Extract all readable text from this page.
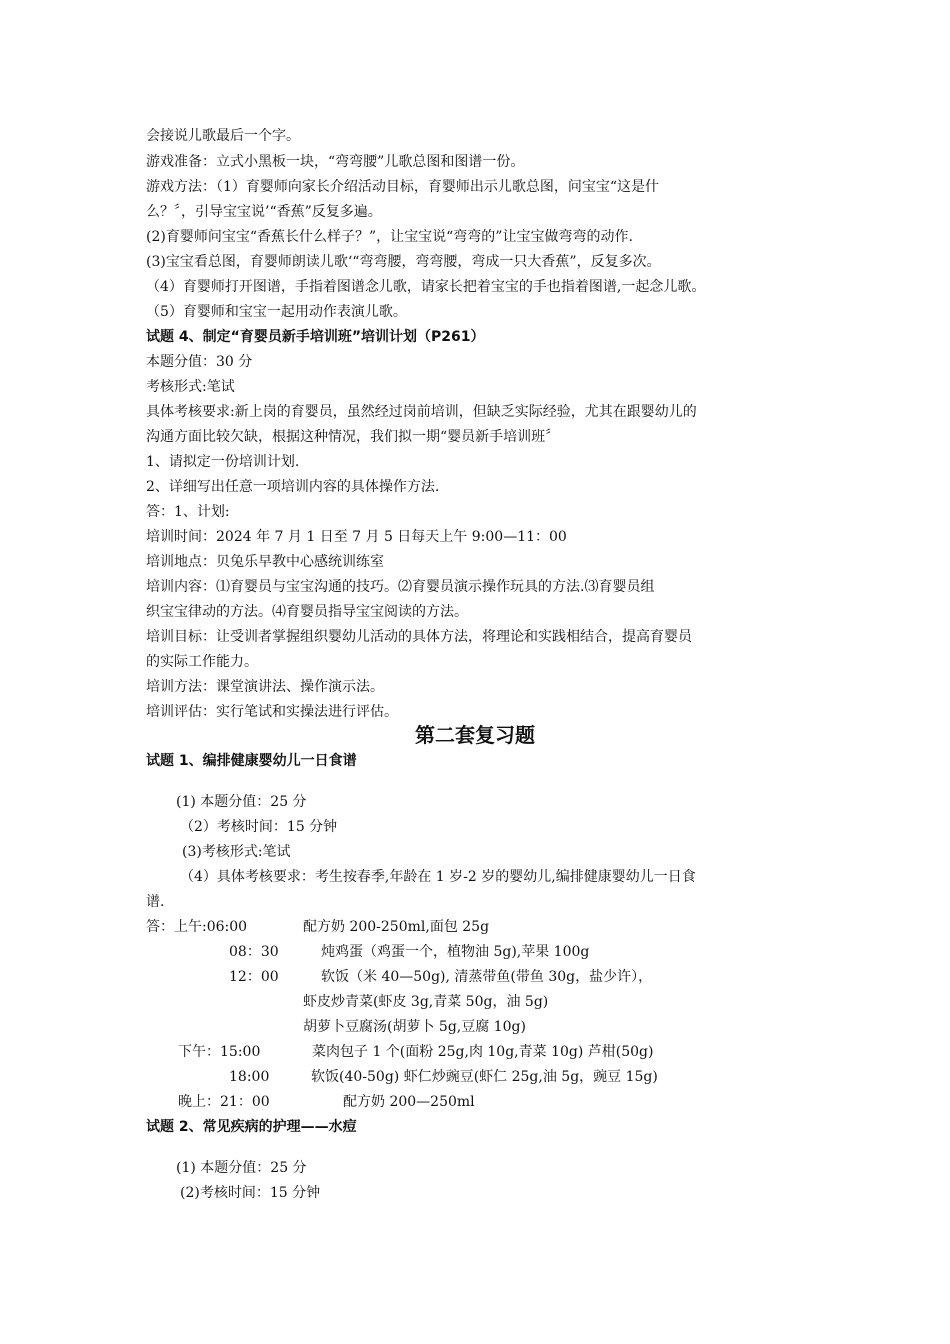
会接说儿歌最后一个字。
游戏准备：立式小黑板一块，“弯弯腰”儿歌总图和图谱一份。
游戏方法：（1）育婴师向家长介绍活动目标，育婴师出示儿歌总图，问宝宝“这是什
么？〞，引导宝宝说’“香蕉”反复多遍。
(2)育婴师问宝宝“香蕉长什么样子？”，让宝宝说“弯弯的”让宝宝做弯弯的动作.
(3)宝宝看总图，育婴师朗读儿歌‘“弯弯腰，弯弯腰，弯成一只大香蕉”，反复多次。
（4）育婴师打开图谱，手指着图谱念儿歌，请家长把着宝宝的手也指着图谱,一起念儿歌。
（5）育婴师和宝宝一起用动作表演儿歌。
试题 4、制定“育婴员新手培训班”培训计划（P261）
本题分值：30 分
考核形式:笔试
具体考核要求:新上岗的育婴员，虽然经过岗前培训，但缺乏实际经验，尤其在跟婴幼儿的
沟通方面比较欠缺，根据这种情况，我们拟一期“婴员新手培训班〞
1、请拟定一份培训计划.
2、详细写出任意一项培训内容的具体操作方法.
答：1、计划:
培训时间：2024 年 7 月 1 日至 7 月 5 日每天上午 9:00—11：00
培训地点：贝兔乐早教中心感统训练室
培训内容：⑴育婴员与宝宝沟通的技巧。⑵育婴员演示操作玩具的方法.⑶育婴员组
织宝宝律动的方法。⑷育婴员指导宝宝阅读的方法。
培训目标：让受训者掌握组织婴幼儿活动的具体方法，将理论和实践相结合，提高育婴员
的实际工作能力。
培训方法：课堂演讲法、操作演示法。
培训评估：实行笔试和实操法进行评估。
第二套复习题
试题 1、编排健康婴幼儿一日食谱
(1) 本题分值：25 分
（2）考核时间：15 分钟
(3)考核形式:笔试
（4）具体考核要求：考生按春季,年龄在 1 岁-2 岁的婴幼儿,编排健康婴幼儿一日食
谱.
答：上午:06:00	配方奶 200-250ml,面包 25g
08：30	炖鸡蛋（鸡蛋一个，植物油 5g),苹果 100g
12：00	软饭（米 40—50g), 清蒸带鱼(带鱼 30g，盐少许），
虾皮炒青菜(虾皮 3g,青菜 50g，油 5g)
胡萝卜豆腐汤(胡萝卜 5g,豆腐 10g)
下午：15:00	菜肉包子 1 个(面粉 25g,肉 10g,青菜 10g) 芦柑(50g)
18:00	软饭(40-50g) 虾仁炒豌豆(虾仁 25g,油 5g，豌豆 15g)
晚上：21：00	配方奶 200—250ml
试题 2、常见疾病的护理——水痘
(1) 本题分值：25 分
(2)考核时间：15 分钟
